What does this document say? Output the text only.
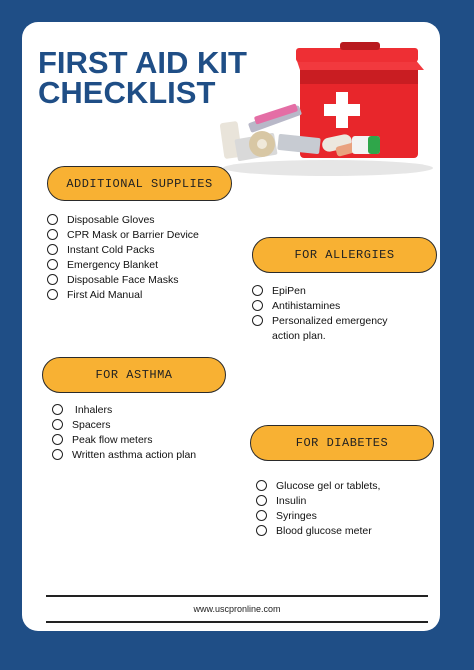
FIRST AID KIT
CHECKLIST
ADDITIONAL SUPPLIES
Disposable Gloves
CPR Mask or Barrier Device
Instant Cold Packs
Emergency Blanket
Disposable Face Masks
First Aid Manual
FOR ALLERGIES
EpiPen
Antihistamines
Personalized emergency action plan.
FOR ASTHMA
Inhalers
Spacers
Peak flow meters
Written asthma action plan
FOR DIABETES
Glucose gel or tablets,
Insulin
Syringes
Blood glucose meter
www.uscpronline.com
